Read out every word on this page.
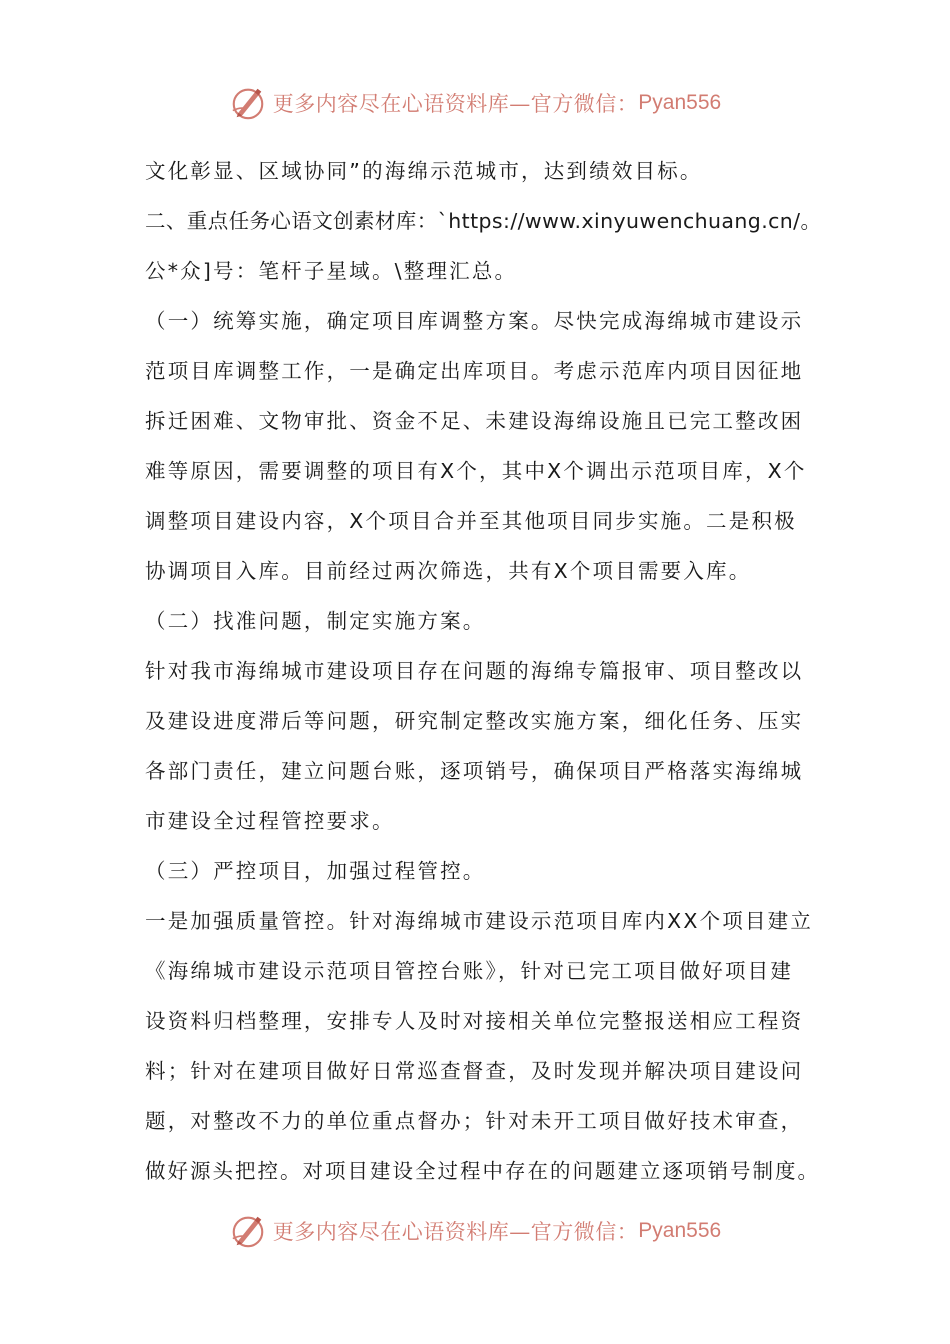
更多内容尽在心语资料库—官方微信： Pyan556
文化彰显、区域协同”的海绵示范城市，达到绩效目标。
二、重点任务心语文创素材库：`https://www.xinyuwenchuang.cn/。
公*众]号：笔杆子星域。\整理汇总。
（一）统筹实施，确定项目库调整方案。尽快完成海绵城市建设示
范项目库调整工作，一是确定出库项目。考虑示范库内项目因征地
拆迁困难、文物审批、资金不足、未建设海绵设施且已完工整改困
难等原因，需要调整的项目有X个，其中X个调出示范项目库，X个
调整项目建设内容，X个项目合并至其他项目同步实施。二是积极
协调项目入库。目前经过两次筛选，共有X个项目需要入库。
（二）找准问题，制定实施方案。
针对我市海绵城市建设项目存在问题的海绵专篇报审、项目整改以
及建设进度滞后等问题，研究制定整改实施方案，细化任务、压实
各部门责任，建立问题台账，逐项销号，确保项目严格落实海绵城
市建设全过程管控要求。
（三）严控项目，加强过程管控。
一是加强质量管控。针对海绵城市建设示范项目库内XX个项目建立
《海绵城市建设示范项目管控台账》，针对已完工项目做好项目建
设资料归档整理，安排专人及时对接相关单位完整报送相应工程资
料；针对在建项目做好日常巡查督查，及时发现并解决项目建设问
题，对整改不力的单位重点督办；针对未开工项目做好技术审查，
做好源头把控。对项目建设全过程中存在的问题建立逐项销号制度。
更多内容尽在心语资料库—官方微信： Pyan556
